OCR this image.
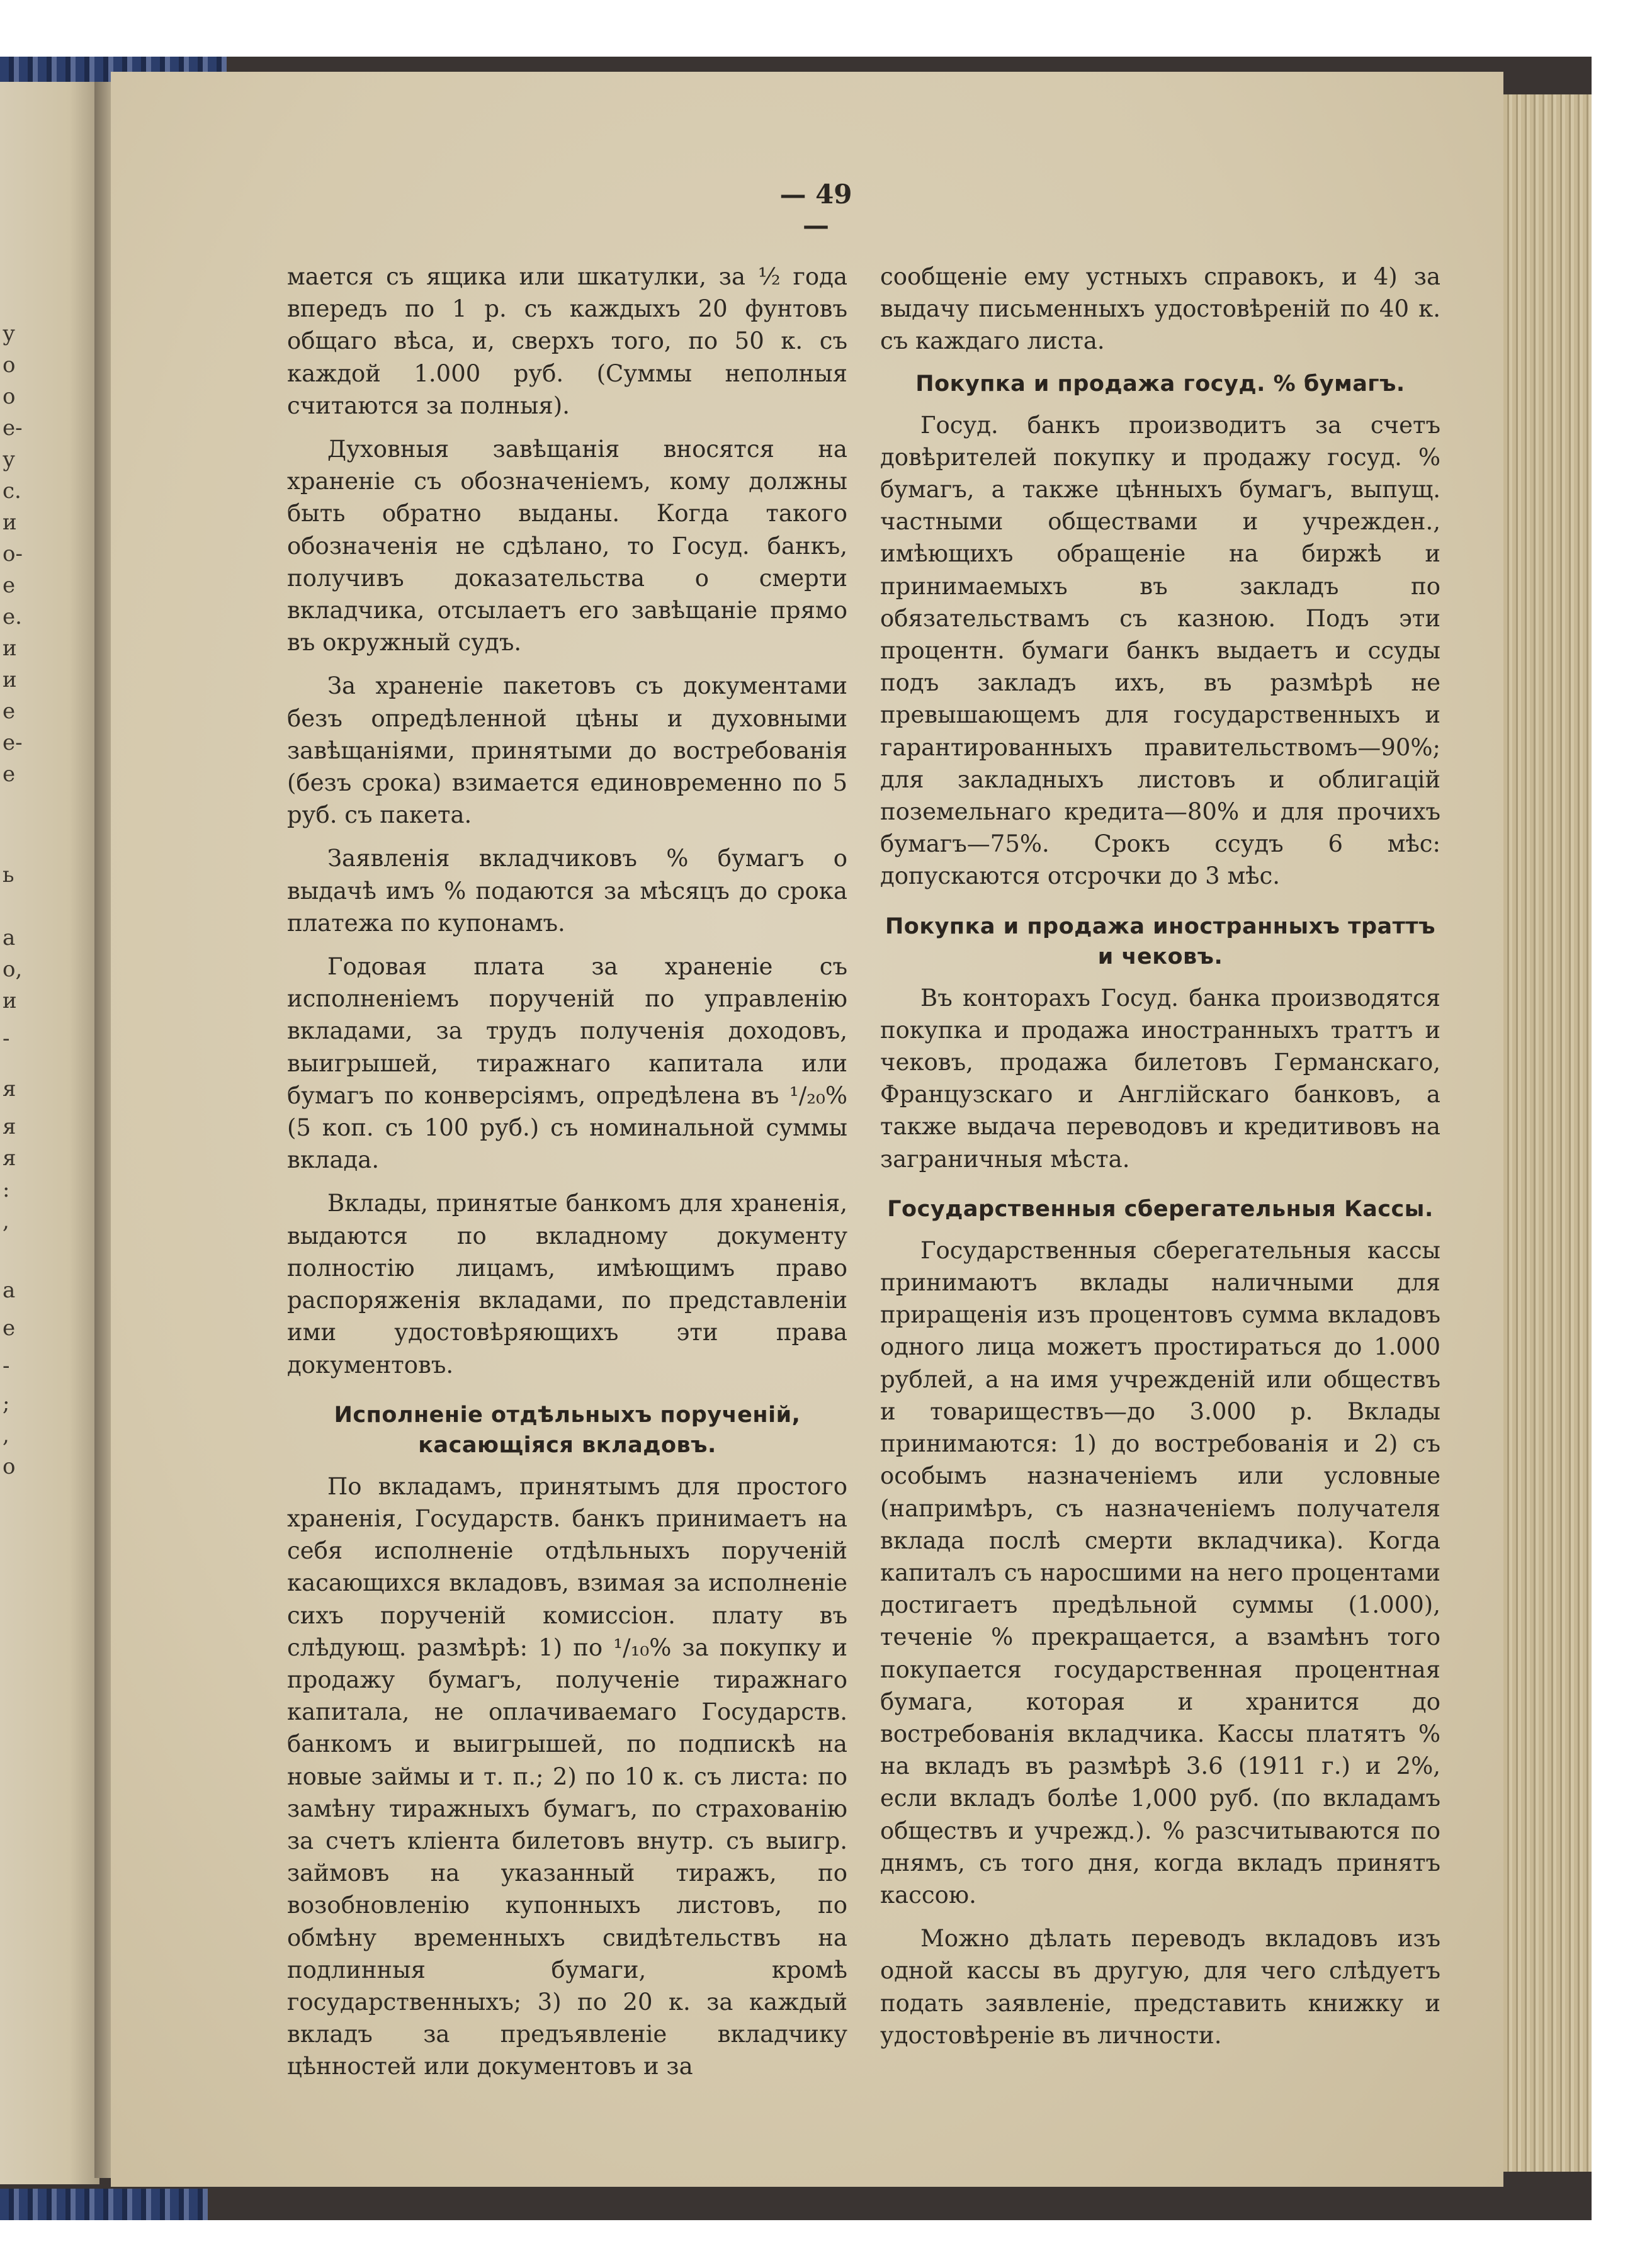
у
о
о
е-
у
с.
и
о-
е
е.
и
и
е
е-
е
ь
а
о,
и
-
я
я
я
:
,
а
е
-
;
,
о
— 49 —

мается съ ящика или шкатулки, за ½ года впередъ по 1 р. съ каждыхъ 20 фунтовъ общаго вѣса, и, сверхъ того, по 50 к. съ каждой 1.000 руб. (Суммы неполныя считаются за полныя).

Духовныя завѣщанія вносятся на храненіе съ обозначеніемъ, кому должны быть обратно выданы. Когда такого обозначенія не сдѣлано, то Госуд. банкъ, получивъ доказательства о смерти вкладчика, отсылаетъ его завѣщаніе прямо въ окружный судъ.

За храненіе пакетовъ съ документами безъ опредѣленной цѣны и духовными завѣщаніями, принятыми до востребованія (безъ срока) взимается единовременно по 5 руб. съ пакета.

Заявленія вкладчиковъ % бумагъ о выдачѣ имъ % подаются за мѣсяцъ до срока платежа по купонамъ.

Годовая плата за храненіе съ исполненіемъ порученій по управленію вкладами, за трудъ полученія доходовъ, выигрышей, тиражнаго капитала или бумагъ по конверсіямъ, опредѣлена въ ¹/₂₀% (5 коп. съ 100 руб.) съ номинальной суммы вклада.

Вклады, принятые банкомъ для храненія, выдаются по вкладному документу полностію лицамъ, имѣющимъ право распоряженія вкладами, по представленіи ими удостовѣряющихъ эти права документовъ.

Исполненіе отдѣльныхъ порученій, касающіяся вкладовъ.

По вкладамъ, принятымъ для простого храненія, Государств. банкъ принимаетъ на себя исполненіе отдѣльныхъ порученій касающихся вкладовъ, взимая за исполненіе сихъ порученій комиссіон. плату въ слѣдующ. размѣрѣ: 1) по ¹/₁₀% за покупку и продажу бумагъ, полученіе тиражнаго капитала, не оплачиваемаго Государств. банкомъ и выигрышей, по подпискѣ на новые займы и т. п.; 2) по 10 к. съ листа: по замѣну тиражныхъ бумагъ, по страхованію за счетъ кліента билетовъ внутр. съ выигр. займовъ на указанный тиражъ, по возобновленію купонныхъ листовъ, по обмѣну временныхъ свидѣтельствъ на подлинныя бумаги, кромѣ государственныхъ; 3) по 20 к. за каждый вкладъ за предъявленіе вкладчику цѣнностей или документовъ и за

сообщеніе ему устныхъ справокъ, и 4) за выдачу письменныхъ удостовѣреній по 40 к. съ каждаго листа.

Покупка и продажа госуд. % бумагъ.

Госуд. банкъ производитъ за счетъ довѣрителей покупку и продажу госуд. % бумагъ, а также цѣнныхъ бумагъ, выпущ. частными обществами и учрежден., имѣющихъ обращеніе на биржѣ и принимаемыхъ въ закладъ по обязательствамъ съ казною. Подъ эти процентн. бумаги банкъ выдаетъ и ссуды подъ закладъ ихъ, въ размѣрѣ не превышающемъ для государственныхъ и гарантированныхъ правительствомъ—90%; для закладныхъ листовъ и облигацій поземельнаго кредита—80% и для прочихъ бумагъ—75%. Срокъ ссудъ 6 мѣс: допускаются отсрочки до 3 мѣс.

Покупка и продажа иностранныхъ траттъ и чековъ.

Въ конторахъ Госуд. банка производятся покупка и продажа иностранныхъ траттъ и чековъ, продажа билетовъ Германскаго, Французскаго и Англійскаго банковъ, а также выдача переводовъ и кредитивовъ на заграничныя мѣста.

Государственныя сберегательныя Кассы.

Государственныя сберегательныя кассы принимаютъ вклады наличными для приращенія изъ процентовъ сумма вкладовъ одного лица можетъ простираться до 1.000 рублей, а на имя учрежденій или обществъ и товариществъ—до 3.000 р. Вклады принимаются: 1) до востребованія и 2) съ особымъ назначеніемъ или условные (напримѣръ, съ назначеніемъ получателя вклада послѣ смерти вкладчика). Когда капиталъ съ наросшими на него процентами достигаетъ предѣльной суммы (1.000), теченіе % прекращается, а взамѣнъ того покупается государственная процентная бумага, которая и хранится до востребованія вкладчика. Кассы платятъ % на вкладъ въ размѣрѣ 3.6 (1911 г.) и 2%, если вкладъ болѣе 1,000 руб. (по вкладамъ обществъ и учрежд.). % разсчитываются по днямъ, съ того дня, когда вкладъ принятъ кассою.

Можно дѣлать переводъ вкладовъ изъ одной кассы въ другую, для чего слѣдуетъ подать заявленіе, представить книжку и удостовѣреніе въ личности.
